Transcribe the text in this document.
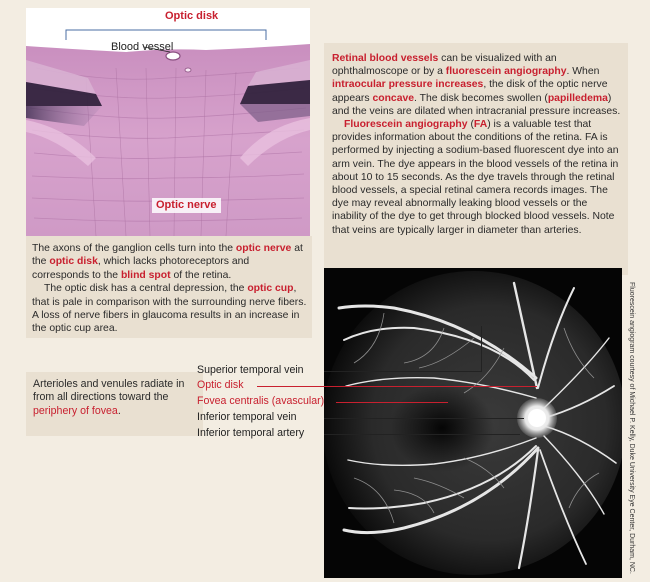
Optic disk
Blood vessel
Optic nerve

The axons of the ganglion cells turn into the optic nerve at the optic disk, which lacks photoreceptors and corresponds to the blind spot of the retina.

The optic disk has a central depression, the optic cup, that is pale in comparison with the surrounding nerve fibers. A loss of nerve fibers in glaucoma results in an increase in the optic cup area.

Retinal blood vessels can be visualized with an ophthalmoscope or by a fluorescein angiography. When intraocular pressure increases, the disk of the optic nerve appears concave. The disk becomes swollen (papilledema) and the veins are dilated when intracranial pressure increases.

Fluorescein angiography (FA) is a valuable test that provides information about the conditions of the retina. FA is performed by injecting a sodium-based fluorescent dye into an arm vein. The dye appears in the blood vessels of the retina in about 10 to 15 seconds. As the dye travels through the retinal blood vessels, a special retinal camera records images. The dye may reveal abnormally leaking blood vessels or the inability of the dye to get through blocked blood vessels. Note that veins are typically larger in diameter than arteries.

Arterioles and venules radiate in from all directions toward the periphery of fovea.

Superior temporal vein
Optic disk
Fovea centralis (avascular)
Inferior temporal vein
Inferior temporal artery	Fluorescein angiogram courtesy of Michael P. Kelly, Duke University Eye Center, Durham, NC.
